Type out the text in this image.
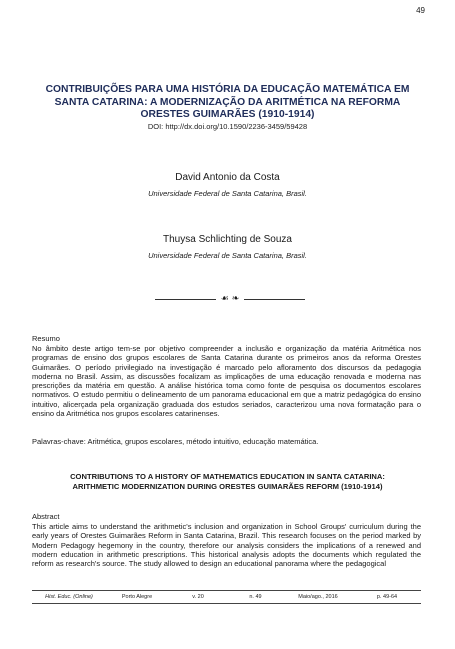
49
CONTRIBUIÇÕES PARA UMA HISTÓRIA DA EDUCAÇÃO MATEMÁTICA EM SANTA CATARINA: A MODERNIZAÇÃO DA ARITMÉTICA NA REFORMA ORESTES GUIMARÃES (1910-1914)
DOI: http://dx.doi.org/10.1590/2236-3459/59428
David Antonio da Costa
Universidade Federal de Santa Catarina, Brasil.
Thuysa Schlichting de Souza
Universidade Federal de Santa Catarina, Brasil.
☙ ❧
Resumo

No âmbito deste artigo tem-se por objetivo compreender a inclusão e organização da matéria Aritmética nos programas de ensino dos grupos escolares de Santa Catarina durante os primeiros anos da reforma Orestes Guimarães. O período privilegiado na investigação é marcado pelo afloramento dos discursos da pedagogia moderna no Brasil. Assim, as discussões focalizam as implicações de uma educação renovada e moderna nas prescrições da matéria em questão. A análise histórica toma como fonte de pesquisa os documentos escolares normativos. O estudo permitiu o delineamento de um panorama educacional em que a matriz pedagógica do ensino intuitivo, alicerçada pela organização graduada dos estudos seriados, caracterizou uma nova formatação para o ensino da Aritmética nos grupos escolares catarinenses.

Palavras-chave: Aritmética, grupos escolares, método intuitivo, educação matemática.

CONTRIBUTIONS TO A HISTORY OF MATHEMATICS EDUCATION IN SANTA CATARINA: ARITHMETIC MODERNIZATION DURING ORESTES GUIMARÃES REFORM (1910-1914)
Abstract

This article aims to understand the arithmetic's inclusion and organization in School Groups' curriculum during the early years of Orestes Guimarães Reform in Santa Catarina, Brazil. This research focuses on the period marked by Modern Pedagogy hegemony in the country, therefore our analysis considers the implications of a renewed and modern education in arithmetic prescriptions. This historical analysis adopts the documents which regulated the reform as research's source. The study allowed to design an educational panorama where the pedagogical

Hist. Educ. (Online)	Porto Alegre	v. 20	n. 49	Maio/ago., 2016	p. 49-64
